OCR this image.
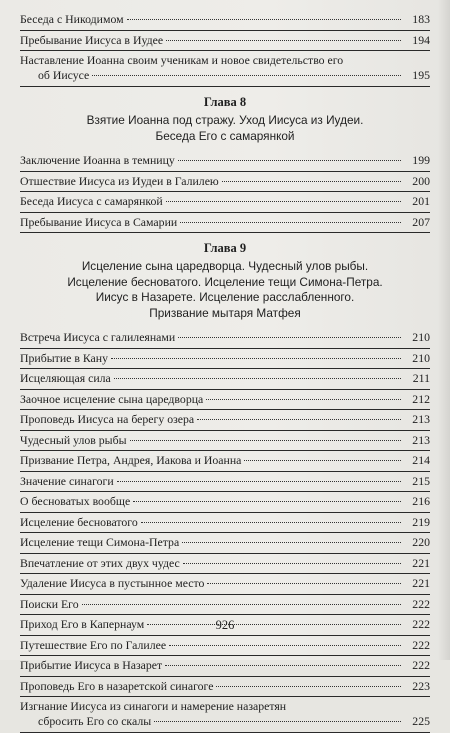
Беседа с Никодимом	183
Пребывание Иисуса в Иудее	194
Наставление Иоанна своим ученикам и новое свидетельство его
об Иисусе	195
Глава 8
Взятие Иоанна под стражу. Уход Иисуса из Иудеи.
Беседа Его с самарянкой
Заключение Иоанна в темницу	199
Отшествие Иисуса из Иудеи в Галилею	200
Беседа Иисуса с самарянкой	201
Пребывание Иисуса в Самарии	207
Глава 9
Исцеление сына царедворца. Чудесный улов рыбы.
Исцеление бесноватого. Исцеление тещи Симона-Петра.
Иисус в Назарете. Исцеление расслабленного.
Призвание мытаря Матфея
Встреча Иисуса с галилеянами	210
Прибытие в Кану	210
Исцеляющая сила	211
Заочное исцеление сына царедворца	212
Проповедь Иисуса на берегу озера	213
Чудесный улов рыбы	213
Призвание Петра, Андрея, Иакова и Иоанна	214
Значение синагоги	215
О бесноватых вообще	216
Исцеление бесноватого	219
Исцеление тещи Симона-Петра	220
Впечатление от этих двух чудес	221
Удаление Иисуса в пустынное место	221
Поиски Его	222
Приход Его в Капернаум	222
Путешествие Его по Галилее	222
Прибытие Иисуса в Назарет	222
Проповедь Его в назаретской синагоге	223
Изгнание Иисуса из синагоги и намерение назаретян
сбросить Его со скалы	225
926
